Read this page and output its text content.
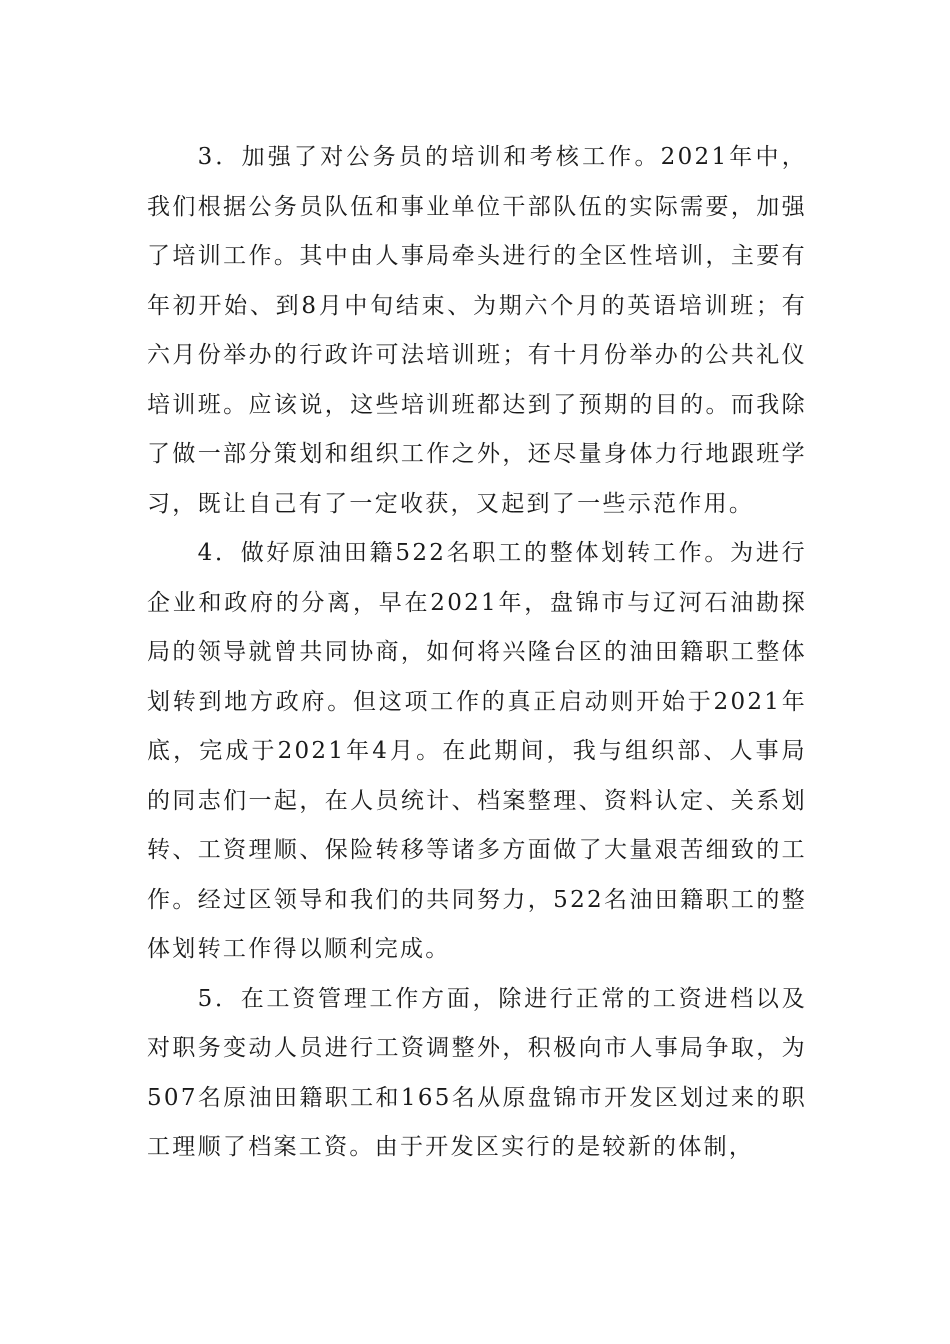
3．加强了对公务员的培训和考核工作。2021年中，我们根据公务员队伍和事业单位干部队伍的实际需要，加强了培训工作。其中由人事局牵头进行的全区性培训，主要有年初开始、到8月中旬结束、为期六个月的英语培训班；有六月份举办的行政许可法培训班；有十月份举办的公共礼仪培训班。应该说，这些培训班都达到了预期的目的。而我除了做一部分策划和组织工作之外，还尽量身体力行地跟班学习，既让自己有了一定收获，又起到了一些示范作用。

4．做好原油田籍522名职工的整体划转工作。为进行企业和政府的分离，早在2021年，盘锦市与辽河石油勘探局的领导就曾共同协商，如何将兴隆台区的油田籍职工整体划转到地方政府。但这项工作的真正启动则开始于2021年底，完成于2021年4月。在此期间，我与组织部、人事局的同志们一起，在人员统计、档案整理、资料认定、关系划转、工资理顺、保险转移等诸多方面做了大量艰苦细致的工作。经过区领导和我们的共同努力，522名油田籍职工的整体划转工作得以顺利完成。

5．在工资管理工作方面，除进行正常的工资进档以及对职务变动人员进行工资调整外，积极向市人事局争取，为507名原油田籍职工和165名从原盘锦市开发区划过来的职工理顺了档案工资。由于开发区实行的是较新的体制，
